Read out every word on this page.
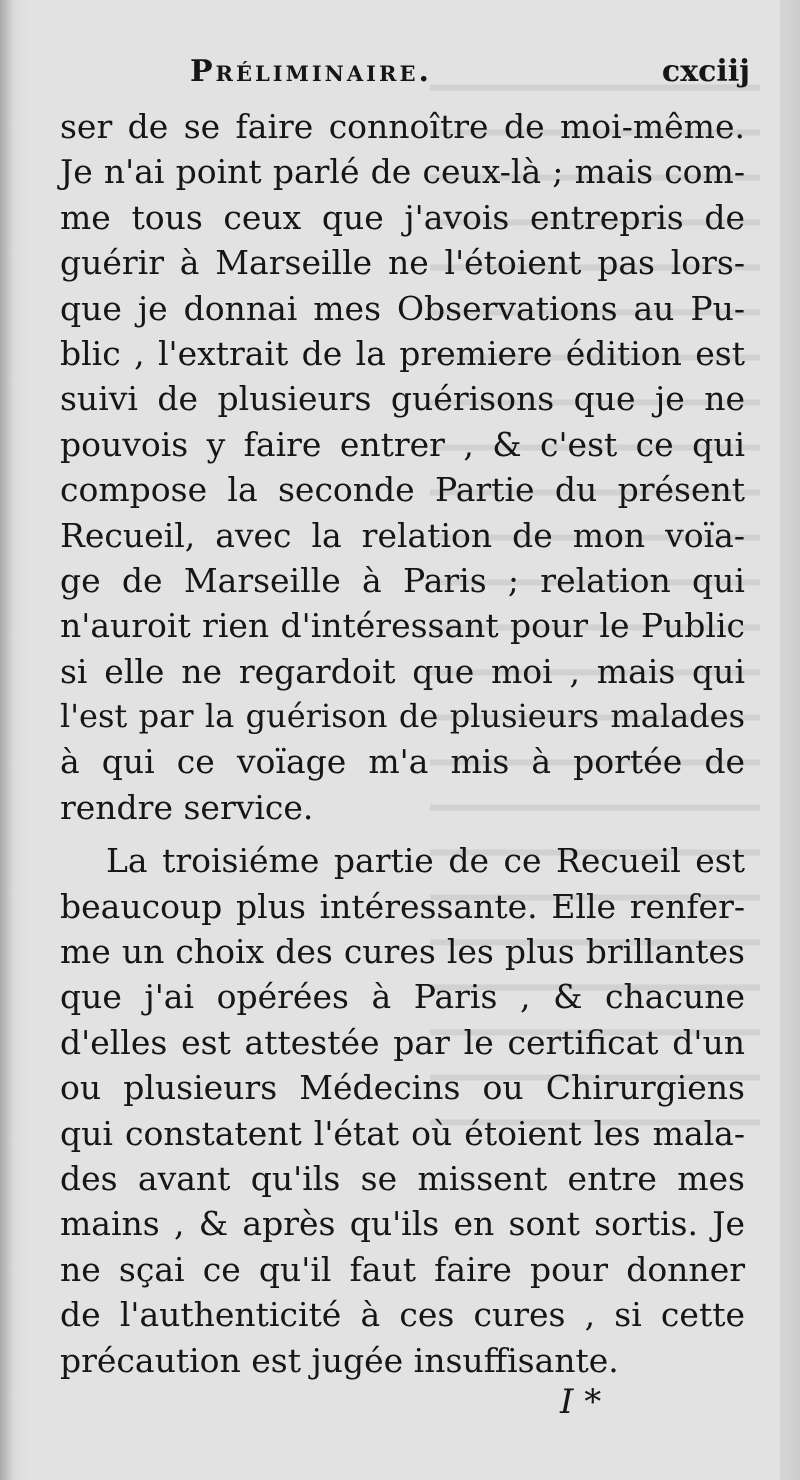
Préliminaire.	cxciij
ser de se faire connoître de moi-même.
Je n'ai point parlé de ceux-là ; mais com-
me tous ceux que j'avois entrepris de
guérir à Marseille ne l'étoient pas lors-
que je donnai mes Observations au Pu-
blic , l'extrait de la premiere édition est
suivi de plusieurs guérisons que je ne
pouvois y faire entrer , & c'est ce qui
compose la seconde Partie du présent
Recueil, avec la relation de mon voïa-
ge de Marseille à Paris ; relation qui
n'auroit rien d'intéressant pour le Public
si elle ne regardoit que moi , mais qui
l'est par la guérison de plusieurs malades
à qui ce voïage m'a mis à portée de
rendre service.
La troisiéme partie de ce Recueil est
beaucoup plus intéressante. Elle renfer-
me un choix des cures les plus brillantes
que j'ai opérées à Paris , & chacune
d'elles est attestée par le certificat d'un
ou plusieurs Médecins ou Chirurgiens
qui constatent l'état où étoient les mala-
des avant qu'ils se missent entre mes
mains , & après qu'ils en sont sortis. Je
ne sçai ce qu'il faut faire pour donner
de l'authenticité à ces cures , si cette
précaution est jugée insuffisante.
I *
